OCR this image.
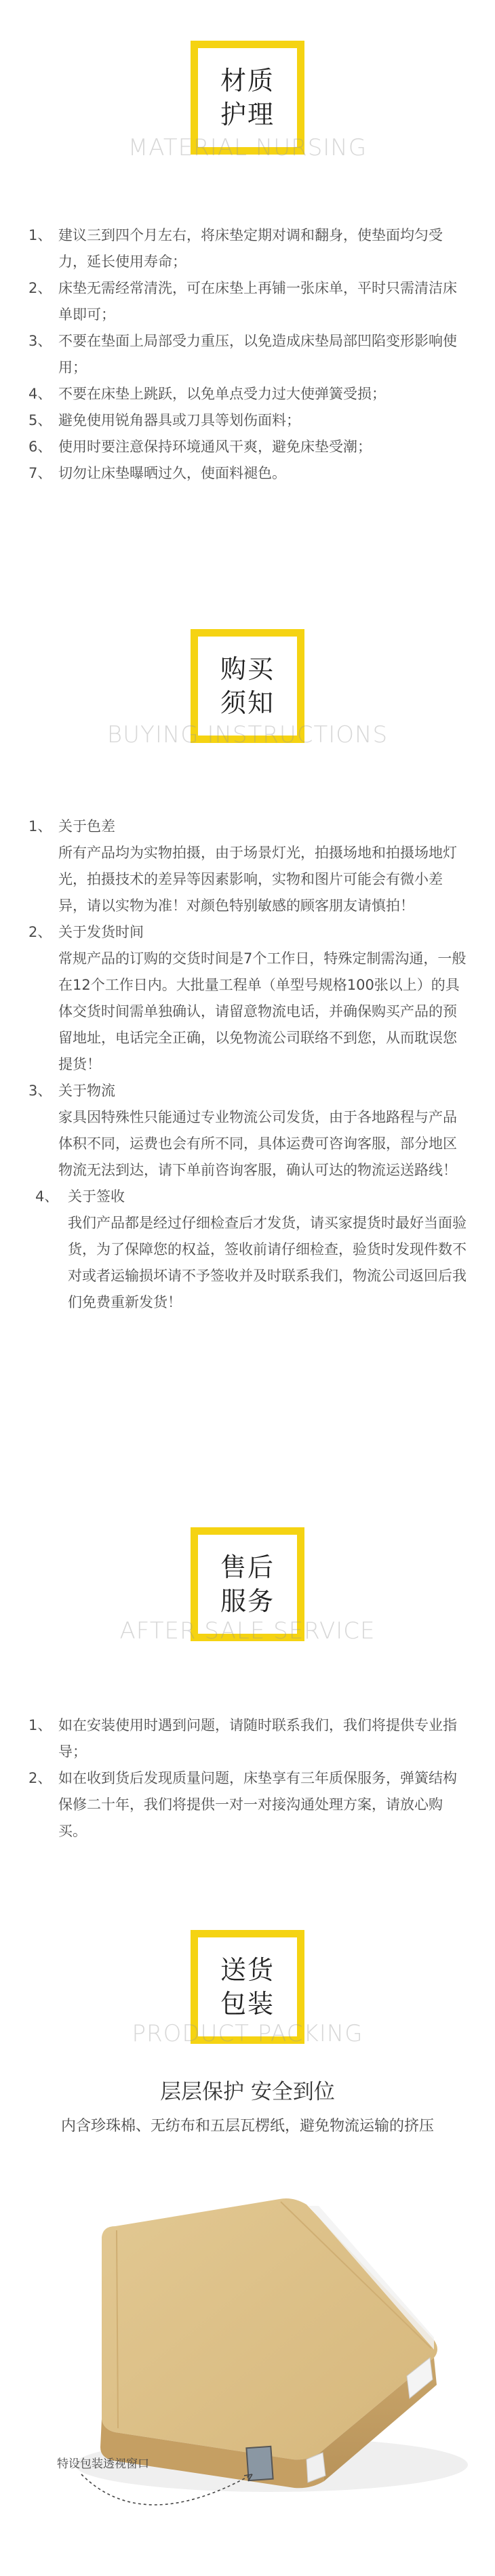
材质
护理
MATERIAL NURSING
1、 建议三到四个月左右，将床垫定期对调和翻身，使垫面均匀受力，延长使用寿命；
2、 床垫无需经常清洗，可在床垫上再铺一张床单，平时只需清洁床单即可；
3、 不要在垫面上局部受力重压，以免造成床垫局部凹陷变形影响使用；
4、 不要在床垫上跳跃，以免单点受力过大使弹簧受损；
5、 避免使用锐角器具或刀具等划伤面料；
6、 使用时要注意保持环境通风干爽，避免床垫受潮；
7、 切勿让床垫曝晒过久，使面料褪色。
购买
须知
BUYING INSTRUCTIONS
1、 关于色差
所有产品均为实物拍摄，由于场景灯光，拍摄场地和拍摄场地灯光，拍摄技术的差异等因素影响，实物和图片可能会有微小差异，请以实物为准！对颜色特别敏感的顾客朋友请慎拍！
2、 关于发货时间
常规产品的订购的交货时间是7个工作日，特殊定制需沟通，一般在12个工作日内。大批量工程单（单型号规格100张以上）的具体交货时间需单独确认，请留意物流电话，并确保购买产品的预留地址，电话完全正确，以免物流公司联络不到您，从而耽误您提货！
3、 关于物流
家具因特殊性只能通过专业物流公司发货，由于各地路程与产品体积不同，运费也会有所不同，具体运费可咨询客服，部分地区物流无法到达，请下单前咨询客服，确认可达的物流运送路线！
4、 关于签收
我们产品都是经过仔细检查后才发货，请买家提货时最好当面验货，为了保障您的权益，签收前请仔细检查，验货时发现件数不对或者运输损坏请不予签收并及时联系我们，物流公司返回后我们免费重新发货！
售后
服务
AFTER SALE SERVICE
1、 如在安装使用时遇到问题，请随时联系我们，我们将提供专业指导；
2、 如在收到货后发现质量问题，床垫享有三年质保服务，弹簧结构保修二十年，我们将提供一对一对接沟通处理方案，请放心购买。
送货
包装
PRODUCT PACKING
层层保护 安全到位
内含珍珠棉、无纺布和五层瓦楞纸，避免物流运输的挤压
特设包装透视窗口
